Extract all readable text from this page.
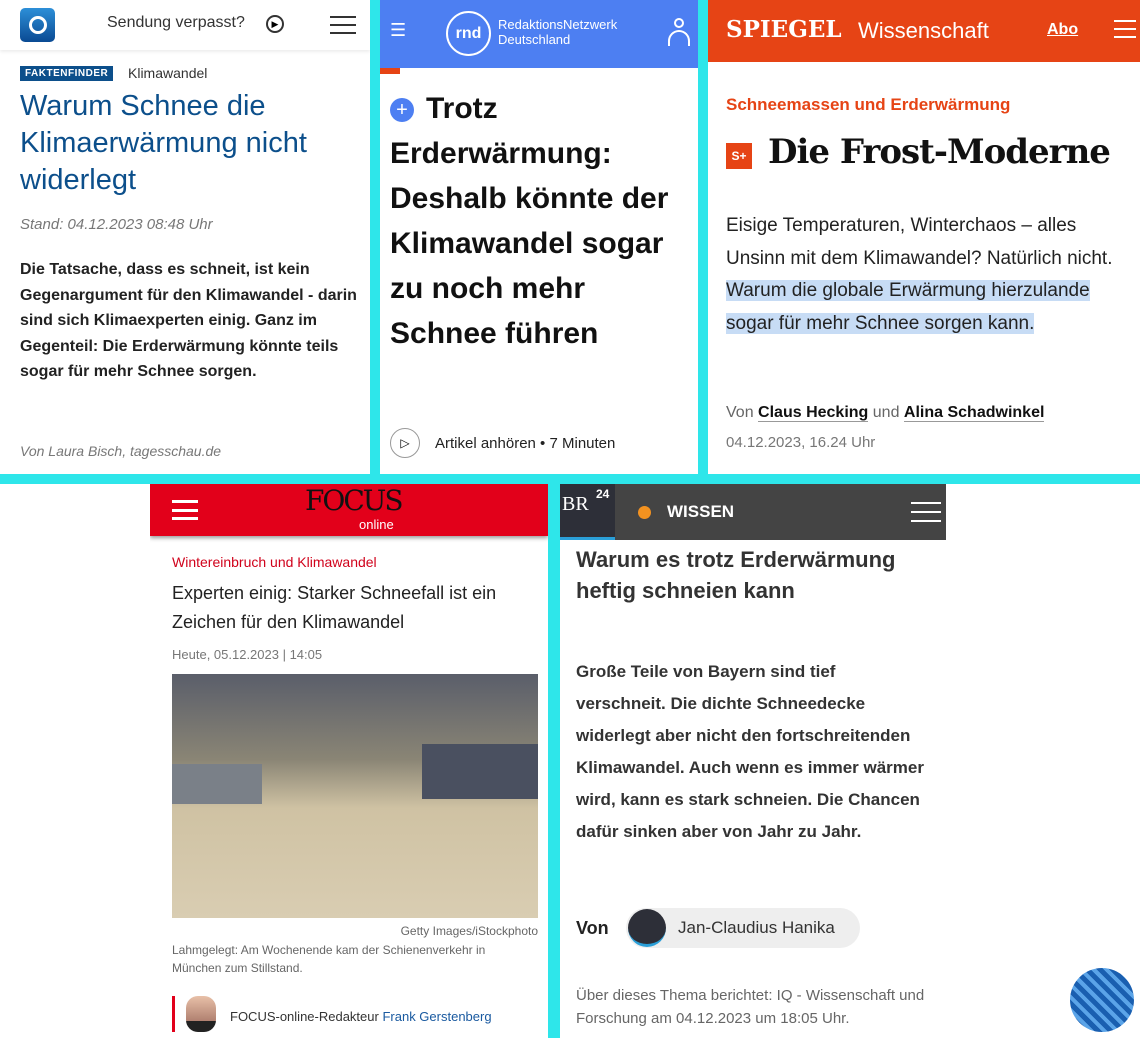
Sendung verpasst?	▶
FAKTENFINDER	Klimawandel
Warum Schnee die Klimaerwärmung nicht widerlegt
Stand: 04.12.2023 08:48 Uhr

Die Tatsache, dass es schneit, ist kein Gegenargument für den Klimawandel - darin sind sich Klimaexperten einig. Ganz im Gegenteil: Die Erderwärmung könnte teils sogar für mehr Schnee sorgen.

Von Laura Bisch, tagesschau.de
☰	rnd
RedaktionsNetzwerk
Deutschland
+ Trotz Erderwärmung: Deshalb könnte der Klimawandel sogar zu noch mehr Schnee führen
▷	Artikel anhören • 7 Minuten
SPIEGEL Wissenschaft	Abo
Schneemassen und Erderwärmung
S+ Die Frost-Moderne

Eisige Temperaturen, Winterchaos – alles Unsinn mit dem Klimawandel? Natürlich nicht. Warum die globale Erwärmung hierzulande sogar für mehr Schnee sorgen kann.

Von Claus Hecking und Alina Schadwinkel
04.12.2023, 16.24 Uhr
FOCUS
online
Wintereinbruch und Klimawandel
Experten einig: Starker Schneefall ist ein Zeichen für den Klimawandel
Heute, 05.12.2023 | 14:05
Getty Images/iStockphoto

Lahmgelegt: Am Wochenende kam der Schienenverkehr in München zum Stillstand.

FOCUS-online-Redakteur Frank Gerstenberg
BR 24
WISSEN
Warum es trotz Erderwärmung heftig schneien kann

Große Teile von Bayern sind tief verschneit. Die dichte Schneedecke widerlegt aber nicht den fortschreitenden Klimawandel. Auch wenn es immer wärmer wird, kann es stark schneien. Die Chancen dafür sinken aber von Jahr zu Jahr.

Von	Jan-Claudius Hanika

Über dieses Thema berichtet: IQ - Wissenschaft und Forschung am 04.12.2023 um 18:05 Uhr.
